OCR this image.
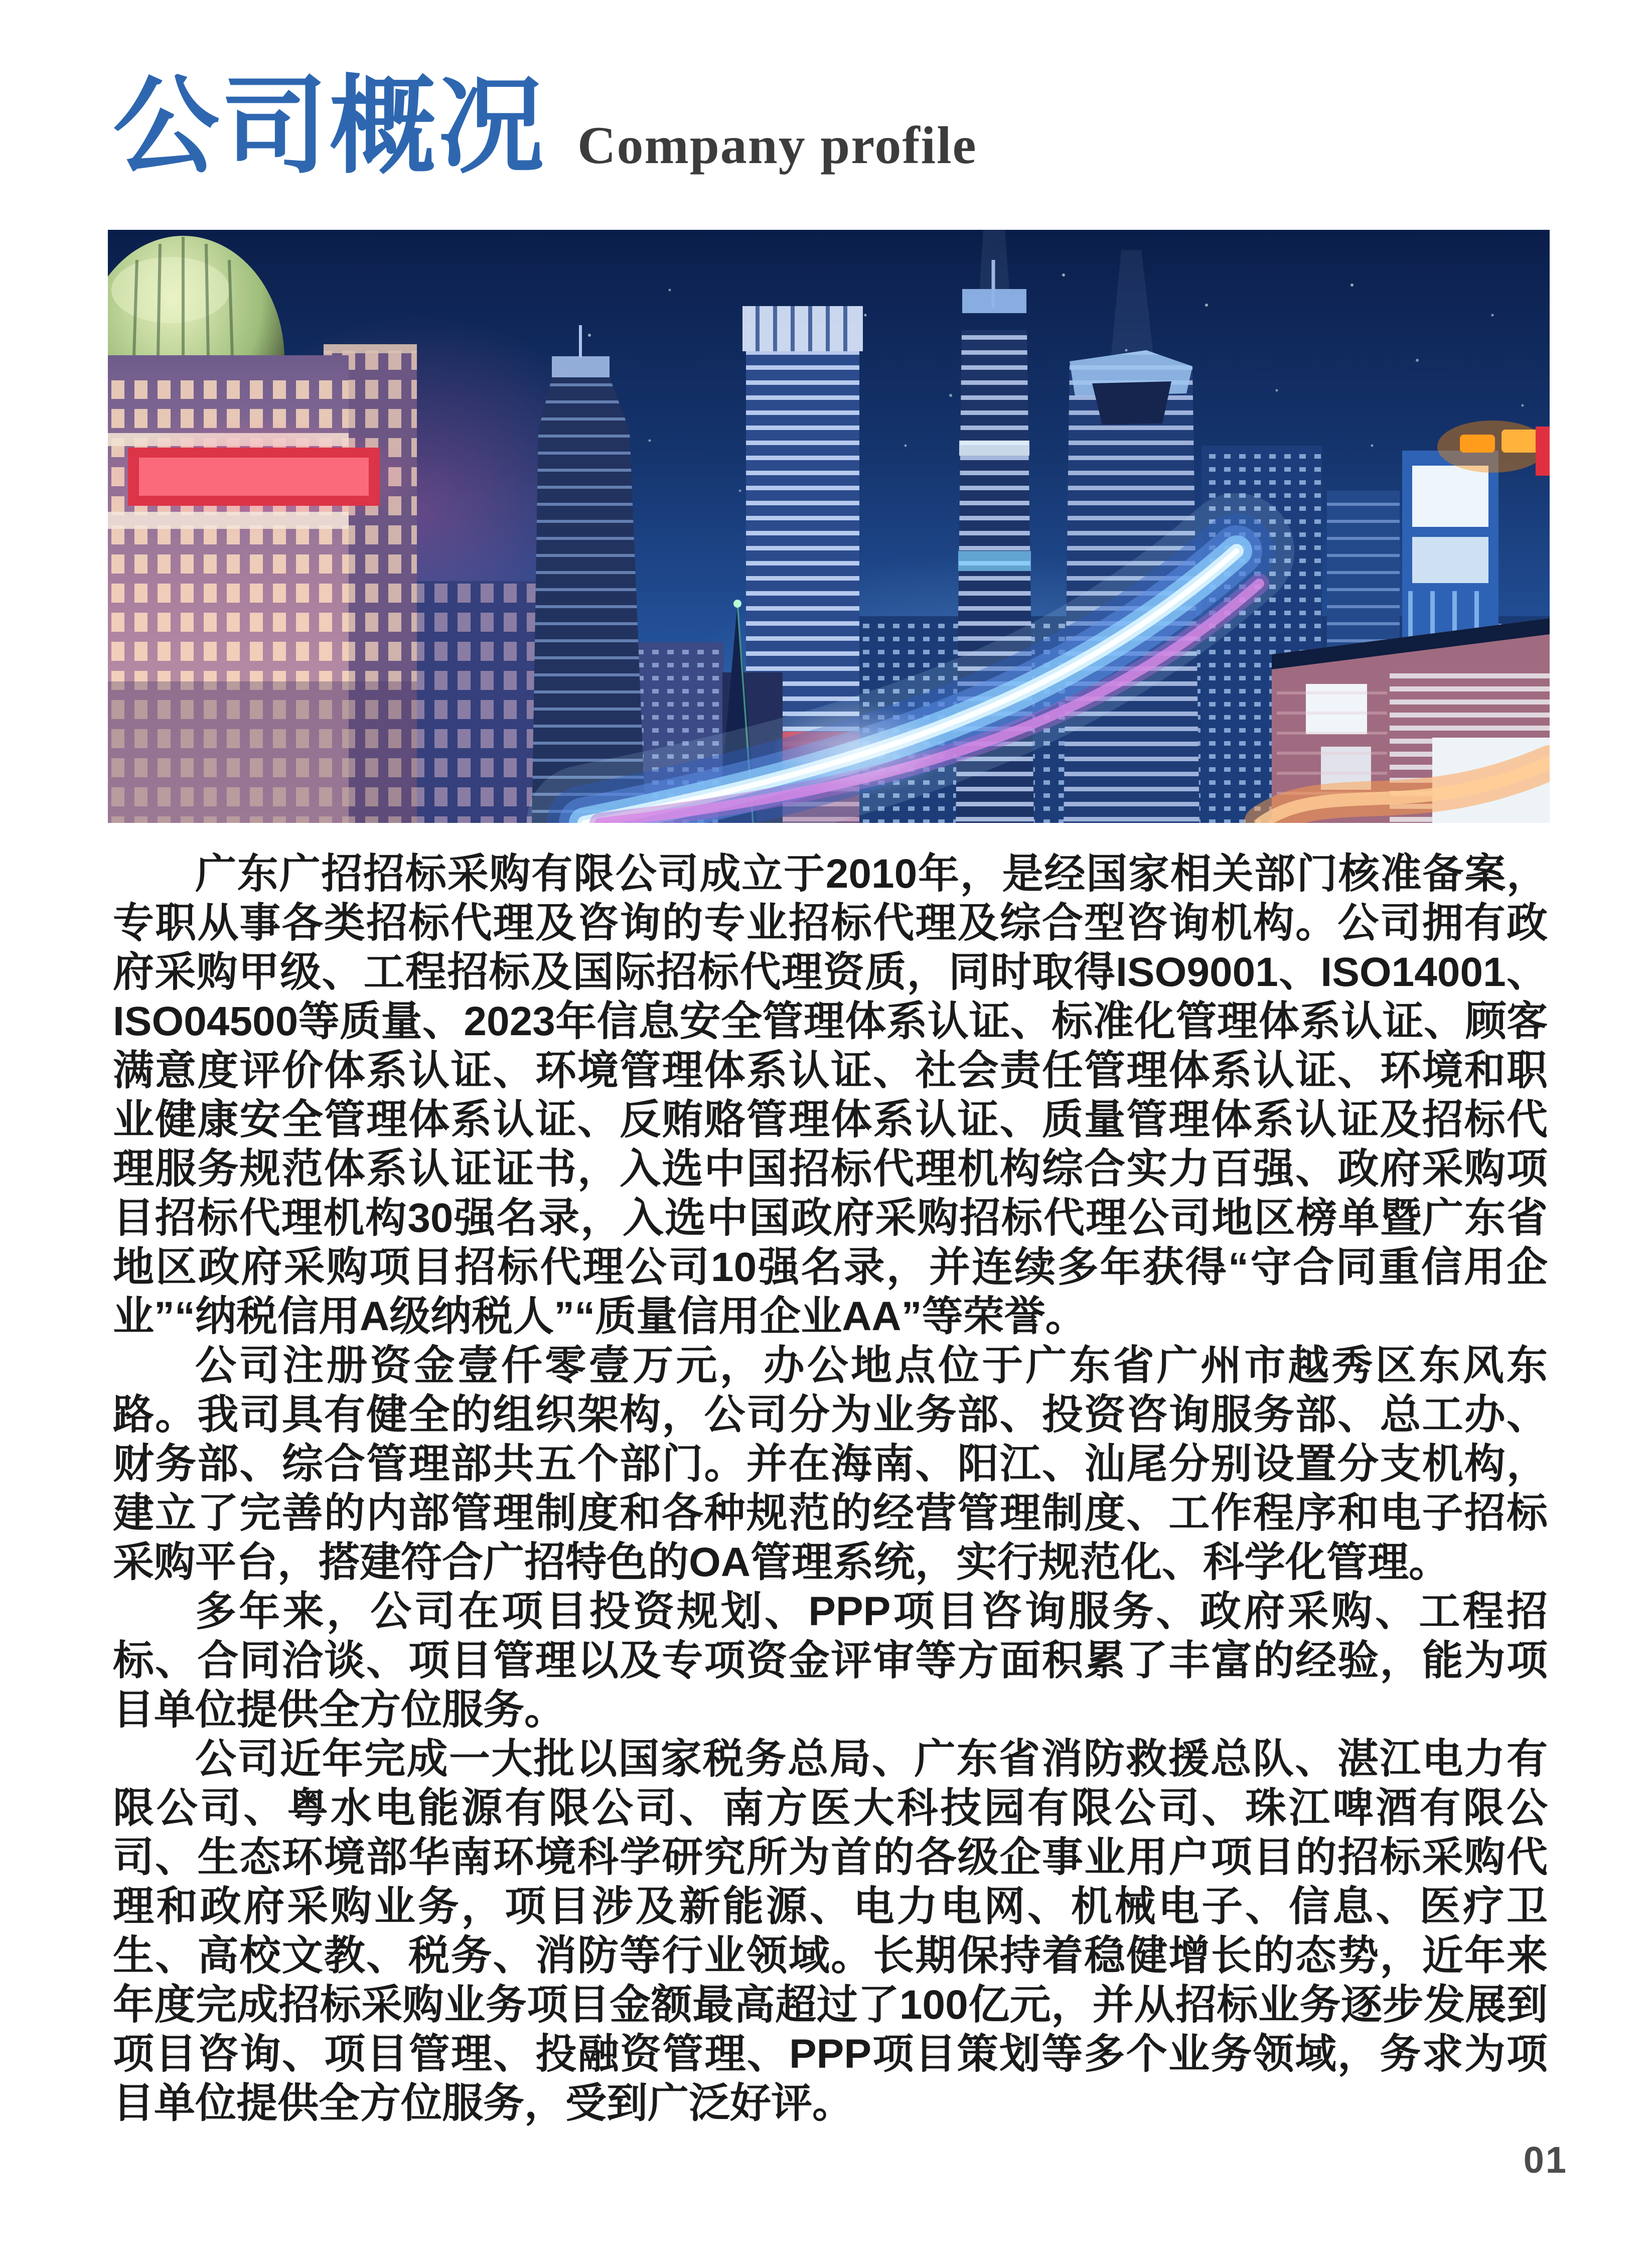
公司概况 Company profile

广东广招招标采购有限公司成立于2010年，是经国家相关部门核准备案，专职从事各类招标代理及咨询的专业招标代理及综合型咨询机构。公司拥有政府采购甲级、工程招标及国际招标代理资质，同时取得ISO9001、ISO14001、ISO04500等质量、2023年信息安全管理体系认证、标准化管理体系认证、顾客满意度评价体系认证、环境管理体系认证、社会责任管理体系认证、环境和职业健康安全管理体系认证、反贿赂管理体系认证、质量管理体系认证及招标代理服务规范体系认证证书，入选中国招标代理机构综合实力百强、政府采购项目招标代理机构30强名录，入选中国政府采购招标代理公司地区榜单暨广东省地区政府采购项目招标代理公司10强名录，并连续多年获得“守合同重信用企业”“纳税信用A级纳税人”“质量信用企业AA”等荣誉。

公司注册资金壹仟零壹万元，办公地点位于广东省广州市越秀区东风东路。我司具有健全的组织架构，公司分为业务部、投资咨询服务部、总工办、财务部、综合管理部共五个部门。并在海南、阳江、汕尾分别设置分支机构，建立了完善的内部管理制度和各种规范的经营管理制度、工作程序和电子招标采购平台，搭建符合广招特色的OA管理系统，实行规范化、科学化管理。

多年来，公司在项目投资规划、PPP项目咨询服务、政府采购、工程招标、合同洽谈、项目管理以及专项资金评审等方面积累了丰富的经验，能为项目单位提供全方位服务。

公司近年完成一大批以国家税务总局、广东省消防救援总队、湛江电力有限公司、粤水电能源有限公司、南方医大科技园有限公司、珠江啤酒有限公司、生态环境部华南环境科学研究所为首的各级企事业用户项目的招标采购代理和政府采购业务，项目涉及新能源、电力电网、机械电子、信息、医疗卫生、高校文教、税务、消防等行业领域。长期保持着稳健增长的态势，近年来年度完成招标采购业务项目金额最高超过了100亿元，并从招标业务逐步发展到项目咨询、项目管理、投融资管理、PPP项目策划等多个业务领域，务求为项目单位提供全方位服务，受到广泛好评。

01
